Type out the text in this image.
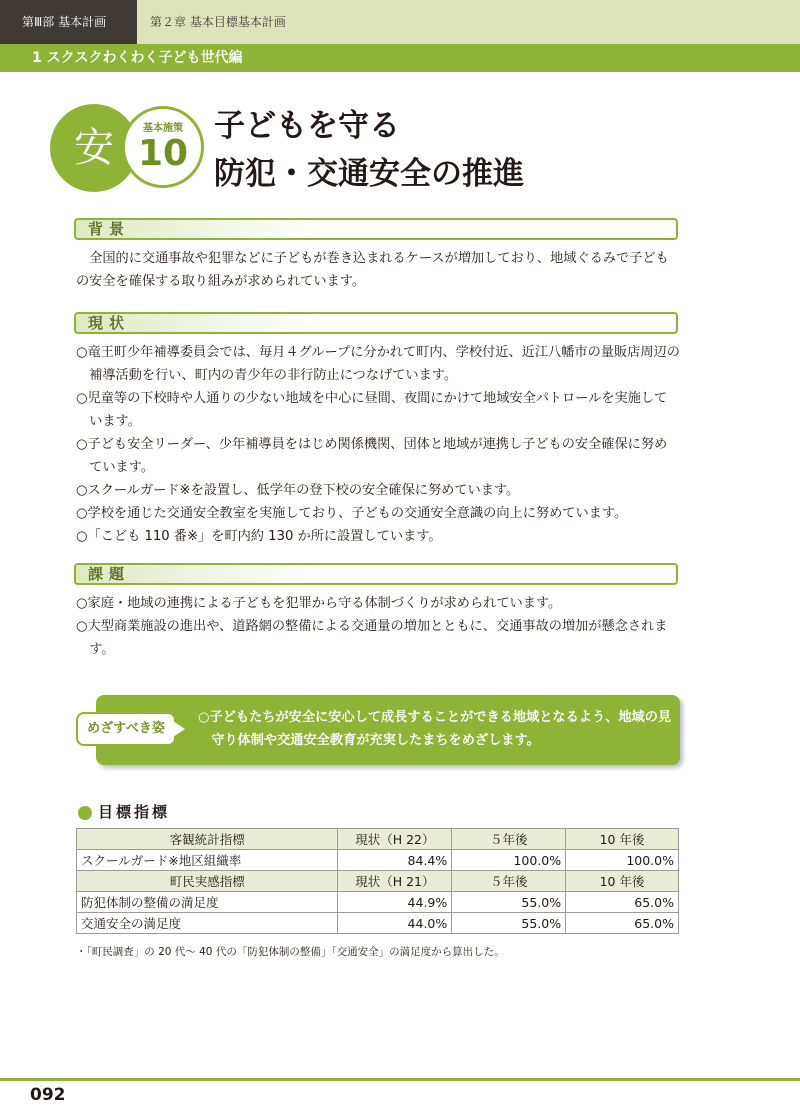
第Ⅲ部 基本計画	第２章 基本目標基本計画
1 スクスクわくわく子ども世代編
安	基本施策
10
子どもを守る
防犯・交通安全の推進
背景

全国的に交通事故や犯罪などに子どもが巻き込まれるケースが増加しており、地域ぐるみで子どもの安全を確保する取り組みが求められています。

現状

○竜王町少年補導委員会では、毎月４グループに分かれて町内、学校付近、近江八幡市の量販店周辺の補導活動を行い、町内の青少年の非行防止につなげています。

○児童等の下校時や人通りの少ない地域を中心に昼間、夜間にかけて地域安全パトロールを実施しています。

○子ども安全リーダー、少年補導員をはじめ関係機関、団体と地域が連携し子どもの安全確保に努めています。

○スクールガード※を設置し、低学年の登下校の安全確保に努めています。

○学校を通じた交通安全教室を実施しており、子どもの交通安全意識の向上に努めています。

○「こども 110 番※」を町内約 130 か所に設置しています。

課題

○家庭・地域の連携による子どもを犯罪から守る体制づくりが求められています。

○大型商業施設の進出や、道路網の整備による交通量の増加とともに、交通事故の増加が懸念されます。

めざすべき姿

○子どもたちが安全に安心して成長することができる地域となるよう、地域の見守り体制や交通安全教育が充実したまちをめざします。

目標指標
客観統計指標	現状（H 22）	５年後	10 年後
スクールガード※地区組織率	84.4%	100.0%	100.0%
町民実感指標	現状（H 21）	５年後	10 年後
防犯体制の整備の満足度	44.9%	55.0%	65.0%
交通安全の満足度	44.0%	55.0%	65.0%
・「町民調査」の 20 代～ 40 代の「防犯体制の整備」「交通安全」の満足度から算出した。
092
